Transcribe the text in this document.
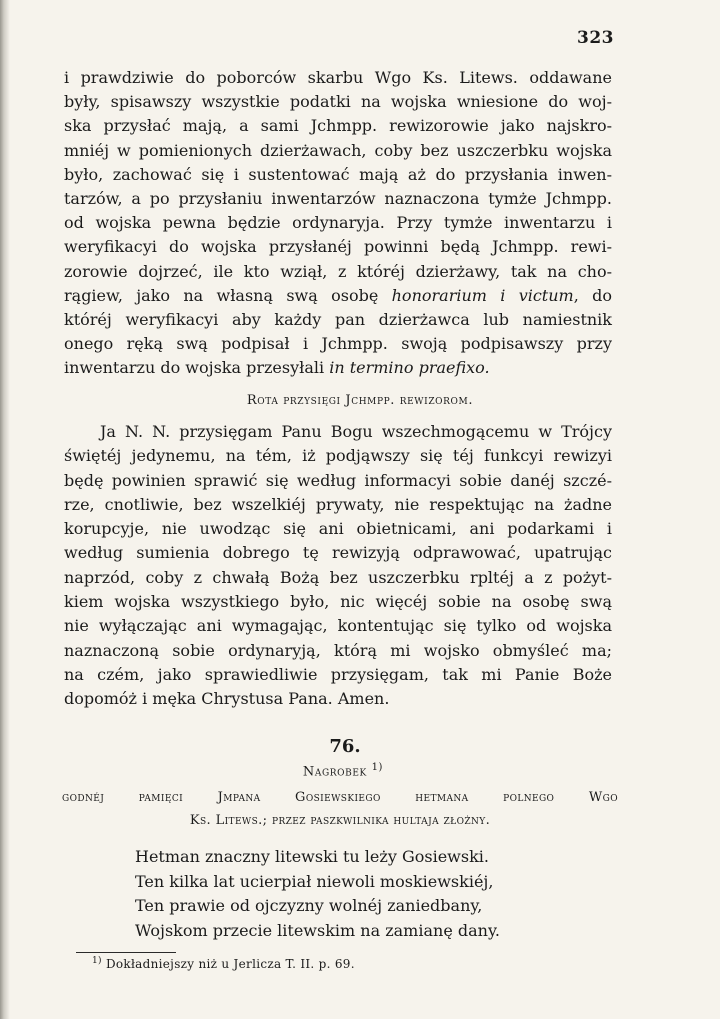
323
i prawdziwie do poborców skarbu Wgo Ks. Litews. oddawane
były, spisawszy wszystkie podatki na wojska wniesione do woj-
ska przysłać mają, a sami Jchmpp. rewizorowie jako najskro-
mniéj w pomienionych dzierżawach, coby bez uszczerbku wojska
było, zachować się i sustentować mają aż do przysłania inwen-
tarzów, a po przysłaniu inwentarzów naznaczona tymże Jchmpp.
od wojska pewna będzie ordynaryja. Przy tymże inwentarzu i
weryfikacyi do wojska przysłanéj powinni będą Jchmpp. rewi-
zorowie dojrzeć, ile kto wziął, z któréj dzierżawy, tak na cho-
rągiew, jako na własną swą osobę honorarium i victum, do
któréj weryfikacyi aby każdy pan dzierżawca lub namiestnik
onego ręką swą podpisał i Jchmpp. swoją podpisawszy przy
inwentarzu do wojska przesyłali in termino praefixo.
Rota przysięgi Jchmpp. rewizorom.
Ja N. N. przysięgam Panu Bogu wszechmogącemu w Trójcy
świętéj jedynemu, na tém, iż podjąwszy się téj funkcyi rewizyi
będę powinien sprawić się według informacyi sobie danéj szczé-
rze, cnotliwie, bez wszelkiéj prywaty, nie respektując na żadne
korupcyje, nie uwodząc się ani obietnicami, ani podarkami i
według sumienia dobrego tę rewizyją odprawować, upatrując
naprzód, coby z chwałą Bożą bez uszczerbku rpltéj a z pożyt-
kiem wojska wszystkiego było, nic więcéj sobie na osobę swą
nie wyłączając ani wymagając, kontentując się tylko od wojska
naznaczoną sobie ordynaryją, którą mi wojsko obmyślеć ma;
na czém, jako sprawiedliwie przysięgam, tak mi Panie Boże
dopomóż i męka Chrystusa Pana. Amen.
76.
Nagrobek $^{1)}$
godnéj pamięci Jmpana Gosiewskiego hetmana polnego Wgo
Ks. Litews.; przez paszkwilnika hultaja złożny.
Hetman znaczny litewski tu leży Gosiewski.
Ten kilka lat ucierpiał niewoli moskiewskiéj,
Ten prawie od ojczyzny wolnéj zaniedbany,
Wojskom przecie litewskim na zamianę dany.
$^{1)}$ Dokładniejszy niż u Jerlicza T. II. p. 69.
